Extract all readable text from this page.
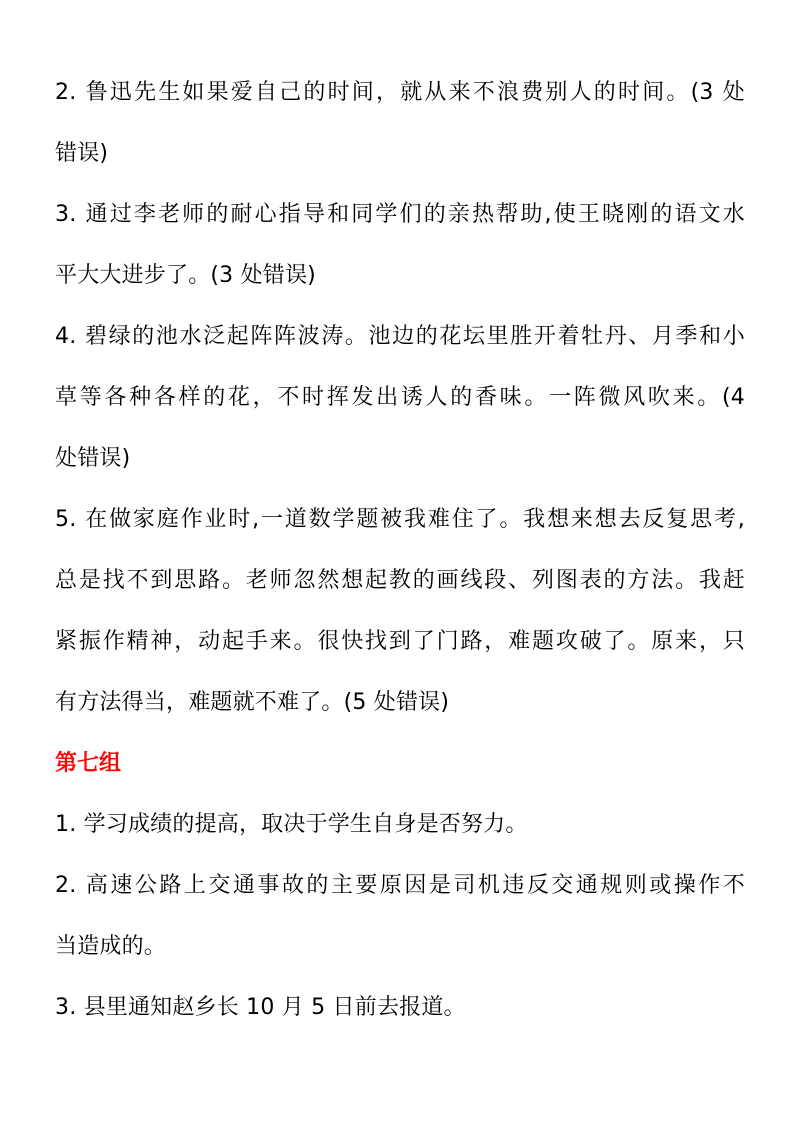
2. 鲁迅先生如果爱自己的时间，就从来不浪费别人的时间。(3 处
错误)
3. 通过李老师的耐心指导和同学们的亲热帮助,使王晓刚的语文水
平大大进步了。(3 处错误)
4. 碧绿的池水泛起阵阵波涛。池边的花坛里胜开着牡丹、月季和小
草等各种各样的花，不时挥发出诱人的香味。一阵微风吹来。(4
处错误)
5. 在做家庭作业时,一道数学题被我难住了。我想来想去反复思考,
总是找不到思路。老师忽然想起教的画线段、列图表的方法。我赶
紧振作精神，动起手来。很快找到了门路，难题攻破了。原来，只
有方法得当，难题就不难了。(5 处错误)
第七组
1. 学习成绩的提高，取决于学生自身是否努力。
2. 高速公路上交通事故的主要原因是司机违反交通规则或操作不
当造成的。
3. 县里通知赵乡长 10 月 5 日前去报道。
